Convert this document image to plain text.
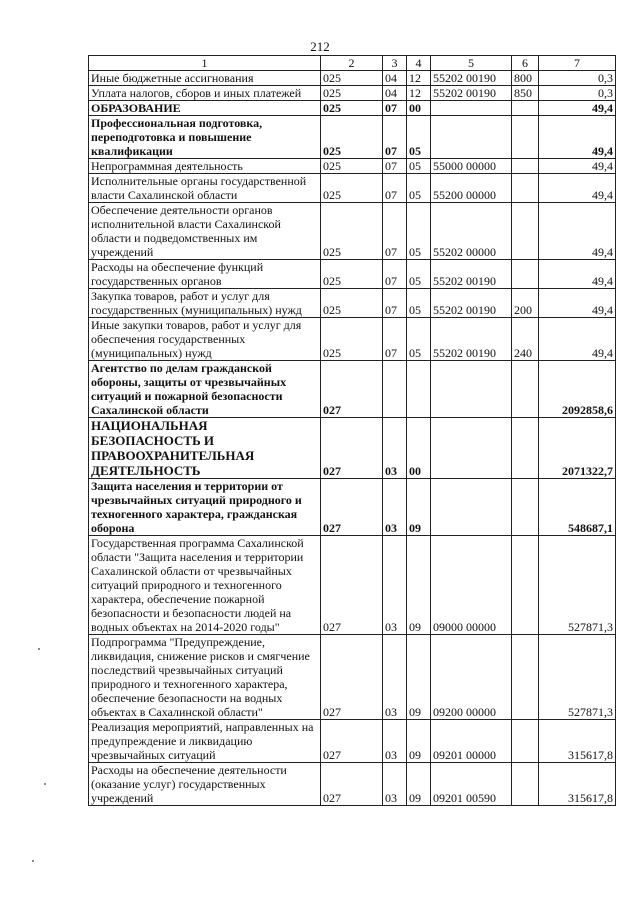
212
1	2	3	4	5	6	7
Иные бюджетные ассигнования	025	04	12	55202 00190	800	0,3
Уплата налогов, сборов и иных платежей	025	04	12	55202 00190	850	0,3
ОБРАЗОВАНИЕ	025	07	00			49,4
Профессиональная подготовка, переподготовка и повышение квалификации	025	07	05			49,4
Непрограммная деятельность	025	07	05	55000 00000		49,4
Исполнительные органы государственной власти Сахалинской области	025	07	05	55200 00000		49,4
Обеспечение деятельности органов исполнительной власти Сахалинской области и подведомственных им учреждений	025	07	05	55202 00000		49,4
Расходы на обеспечение функций государственных органов	025	07	05	55202 00190		49,4
Закупка товаров, работ и услуг для государственных (муниципальных) нужд	025	07	05	55202 00190	200	49,4
Иные закупки товаров, работ и услуг для обеспечения государственных (муниципальных) нужд	025	07	05	55202 00190	240	49,4
Агентство по делам гражданской обороны, защиты от чрезвычайных ситуаций и пожарной безопасности Сахалинской области	027					2092858,6
НАЦИОНАЛЬНАЯ БЕЗОПАСНОСТЬ И ПРАВООХРАНИТЕЛЬНАЯ ДЕЯТЕЛЬНОСТЬ	027	03	00			2071322,7
Защита населения и территории от чрезвычайных ситуаций природного и техногенного характера, гражданская оборона	027	03	09			548687,1
Государственная программа Сахалинской области "Защита населения и территории Сахалинской области от чрезвычайных ситуаций природного и техногенного характера, обеспечение пожарной безопасности и безопасности людей на водных объектах на 2014-2020 годы"	027	03	09	09000 00000		527871,3
Подпрограмма "Предупреждение, ликвидация, снижение рисков и смягчение последствий чрезвычайных ситуаций природного и техногенного характера, обеспечение безопасности на водных объектах в Сахалинской области"	027	03	09	09200 00000		527871,3
Реализация мероприятий, направленных на предупреждение и ликвидацию чрезвычайных ситуаций	027	03	09	09201 00000		315617,8
Расходы на обеспечение деятельности (оказание услуг) государственных учреждений	027	03	09	09201 00590		315617,8
